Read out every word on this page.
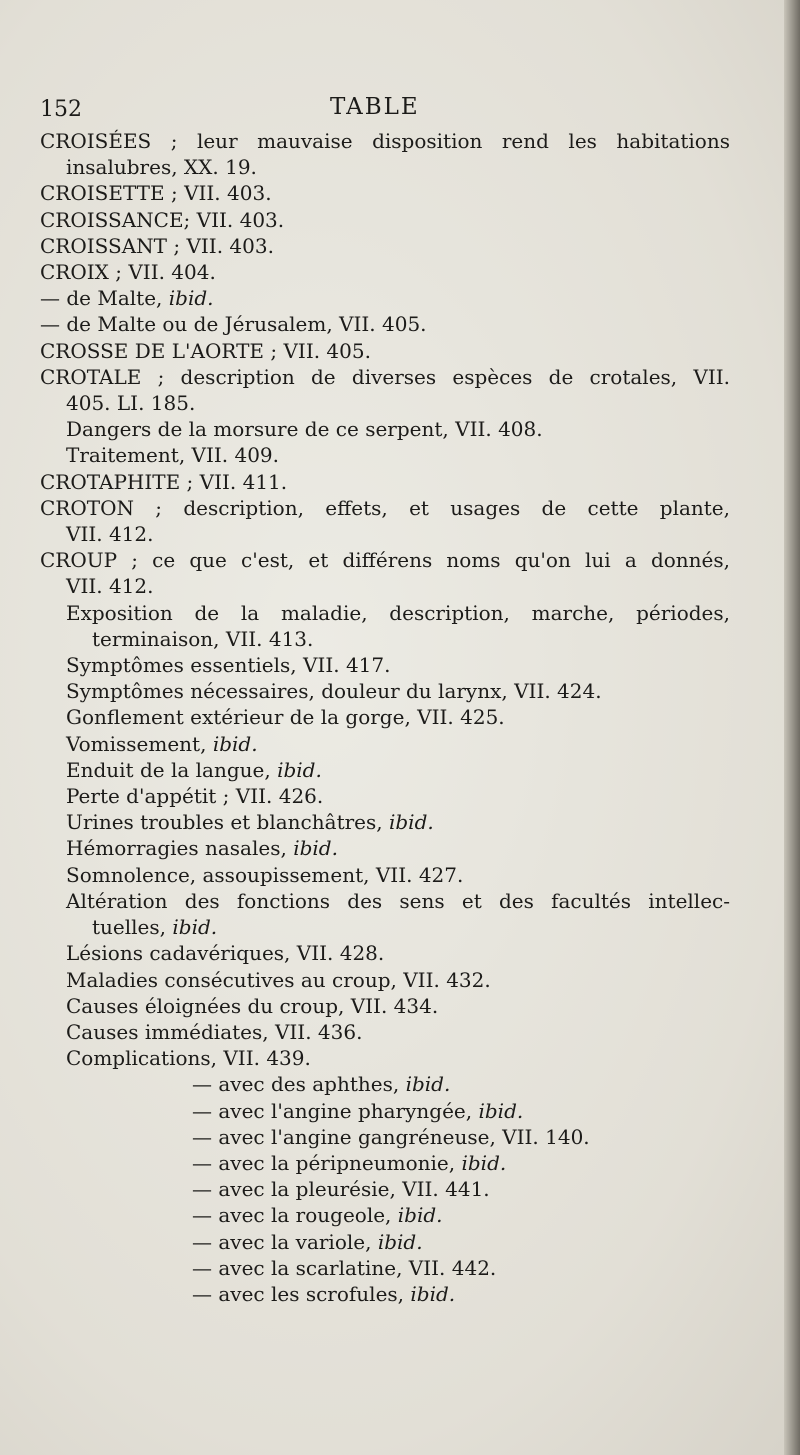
152	TABLE
CROISÉES ; leur mauvaise disposition rend les habitations
insalubres, XX. 19.
CROISETTE ; VII. 403.
CROISSANCE; VII. 403.
CROISSANT ; VII. 403.
CROIX ; VII. 404.
— de Malte, ibid.
— de Malte ou de Jérusalem, VII. 405.
CROSSE DE L'AORTE ; VII. 405.
CROTALE ; description de diverses espèces de crotales, VII.
405. LI. 185.
Dangers de la morsure de ce serpent, VII. 408.
Traitement, VII. 409.
CROTAPHITE ; VII. 411.
CROTON ; description, effets, et usages de cette plante,
VII. 412.
CROUP ; ce que c'est, et différens noms qu'on lui a donnés,
VII. 412.
Exposition de la maladie, description, marche, périodes,
terminaison, VII. 413.
Symptômes essentiels, VII. 417.
Symptômes nécessaires, douleur du larynx, VII. 424.
Gonflement extérieur de la gorge, VII. 425.
Vomissement, ibid.
Enduit de la langue, ibid.
Perte d'appétit ; VII. 426.
Urines troubles et blanchâtres, ibid.
Hémorragies nasales, ibid.
Somnolence, assoupissement, VII. 427.
Altération des fonctions des sens et des facultés intellec-
tuelles, ibid.
Lésions cadavériques, VII. 428.
Maladies consécutives au croup, VII. 432.
Causes éloignées du croup, VII. 434.
Causes immédiates, VII. 436.
Complications, VII. 439.
— avec des aphthes, ibid.
— avec l'angine pharyngée, ibid.
— avec l'angine gangréneuse, VII. 140.
— avec la péripneumonie, ibid.
— avec la pleurésie, VII. 441.
— avec la rougeole, ibid.
— avec la variole, ibid.
— avec la scarlatine, VII. 442.
— avec les scrofules, ibid.
